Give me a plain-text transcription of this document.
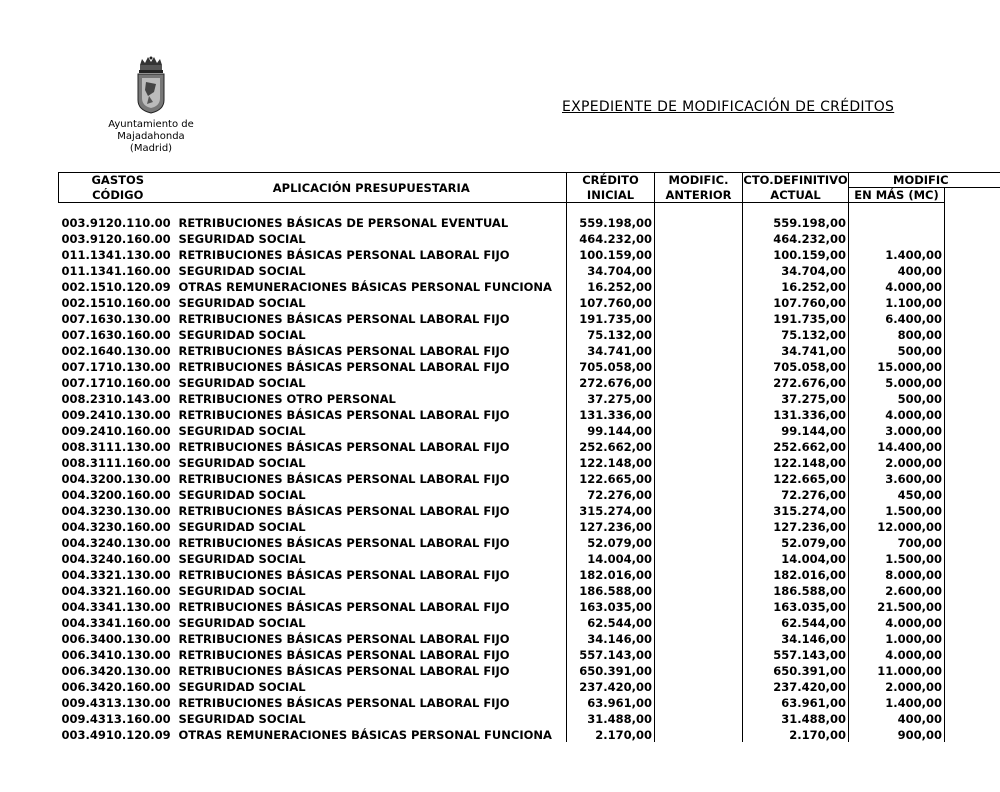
Ayuntamiento de
Majadahonda
(Madrid)
EXPEDIENTE DE MODIFICACIÓN DE CRÉDITOS
GASTOS	APLICACIÓN PRESUPUESTARIA	CRÉDITO	MODIFIC.	CTO.DEFINITIVO	MODIFIC	
CÓDIGO		INICIAL	ANTERIOR	ACTUAL	EN MÁS (MC)	

003.9120.110.00	RETRIBUCIONES BÁSICAS DE PERSONAL EVENTUAL	559.198,00		559.198,00		
003.9120.160.00	SEGURIDAD SOCIAL	464.232,00		464.232,00		
011.1341.130.00	RETRIBUCIONES BÁSICAS PERSONAL LABORAL FIJO	100.159,00		100.159,00	1.400,00	
011.1341.160.00	SEGURIDAD SOCIAL	34.704,00		34.704,00	400,00	
002.1510.120.09	OTRAS REMUNERACIONES BÁSICAS PERSONAL FUNCIONA	16.252,00		16.252,00	4.000,00	
002.1510.160.00	SEGURIDAD SOCIAL	107.760,00		107.760,00	1.100,00	
007.1630.130.00	RETRIBUCIONES BÁSICAS PERSONAL LABORAL FIJO	191.735,00		191.735,00	6.400,00	
007.1630.160.00	SEGURIDAD SOCIAL	75.132,00		75.132,00	800,00	
002.1640.130.00	RETRIBUCIONES BÁSICAS PERSONAL LABORAL FIJO	34.741,00		34.741,00	500,00	
007.1710.130.00	RETRIBUCIONES BÁSICAS PERSONAL LABORAL FIJO	705.058,00		705.058,00	15.000,00	
007.1710.160.00	SEGURIDAD SOCIAL	272.676,00		272.676,00	5.000,00	
008.2310.143.00	RETRIBUCIONES OTRO PERSONAL	37.275,00		37.275,00	500,00	
009.2410.130.00	RETRIBUCIONES BÁSICAS PERSONAL LABORAL FIJO	131.336,00		131.336,00	4.000,00	
009.2410.160.00	SEGURIDAD SOCIAL	99.144,00		99.144,00	3.000,00	
008.3111.130.00	RETRIBUCIONES BÁSICAS PERSONAL LABORAL FIJO	252.662,00		252.662,00	14.400,00	
008.3111.160.00	SEGURIDAD SOCIAL	122.148,00		122.148,00	2.000,00	
004.3200.130.00	RETRIBUCIONES BÁSICAS PERSONAL LABORAL FIJO	122.665,00		122.665,00	3.600,00	
004.3200.160.00	SEGURIDAD SOCIAL	72.276,00		72.276,00	450,00	
004.3230.130.00	RETRIBUCIONES BÁSICAS PERSONAL LABORAL FIJO	315.274,00		315.274,00	1.500,00	
004.3230.160.00	SEGURIDAD SOCIAL	127.236,00		127.236,00	12.000,00	
004.3240.130.00	RETRIBUCIONES BÁSICAS PERSONAL LABORAL FIJO	52.079,00		52.079,00	700,00	
004.3240.160.00	SEGURIDAD SOCIAL	14.004,00		14.004,00	1.500,00	
004.3321.130.00	RETRIBUCIONES BÁSICAS PERSONAL LABORAL FIJO	182.016,00		182.016,00	8.000,00	
004.3321.160.00	SEGURIDAD SOCIAL	186.588,00		186.588,00	2.600,00	
004.3341.130.00	RETRIBUCIONES BÁSICAS PERSONAL LABORAL FIJO	163.035,00		163.035,00	21.500,00	
004.3341.160.00	SEGURIDAD SOCIAL	62.544,00		62.544,00	4.000,00	
006.3400.130.00	RETRIBUCIONES BÁSICAS PERSONAL LABORAL FIJO	34.146,00		34.146,00	1.000,00	
006.3410.130.00	RETRIBUCIONES BÁSICAS PERSONAL LABORAL FIJO	557.143,00		557.143,00	4.000,00	
006.3420.130.00	RETRIBUCIONES BÁSICAS PERSONAL LABORAL FIJO	650.391,00		650.391,00	11.000,00	
006.3420.160.00	SEGURIDAD SOCIAL	237.420,00		237.420,00	2.000,00	
009.4313.130.00	RETRIBUCIONES BÁSICAS PERSONAL LABORAL FIJO	63.961,00		63.961,00	1.400,00	
009.4313.160.00	SEGURIDAD SOCIAL	31.488,00		31.488,00	400,00	
003.4910.120.09	OTRAS REMUNERACIONES BÁSICAS PERSONAL FUNCIONA	2.170,00		2.170,00	900,00	
